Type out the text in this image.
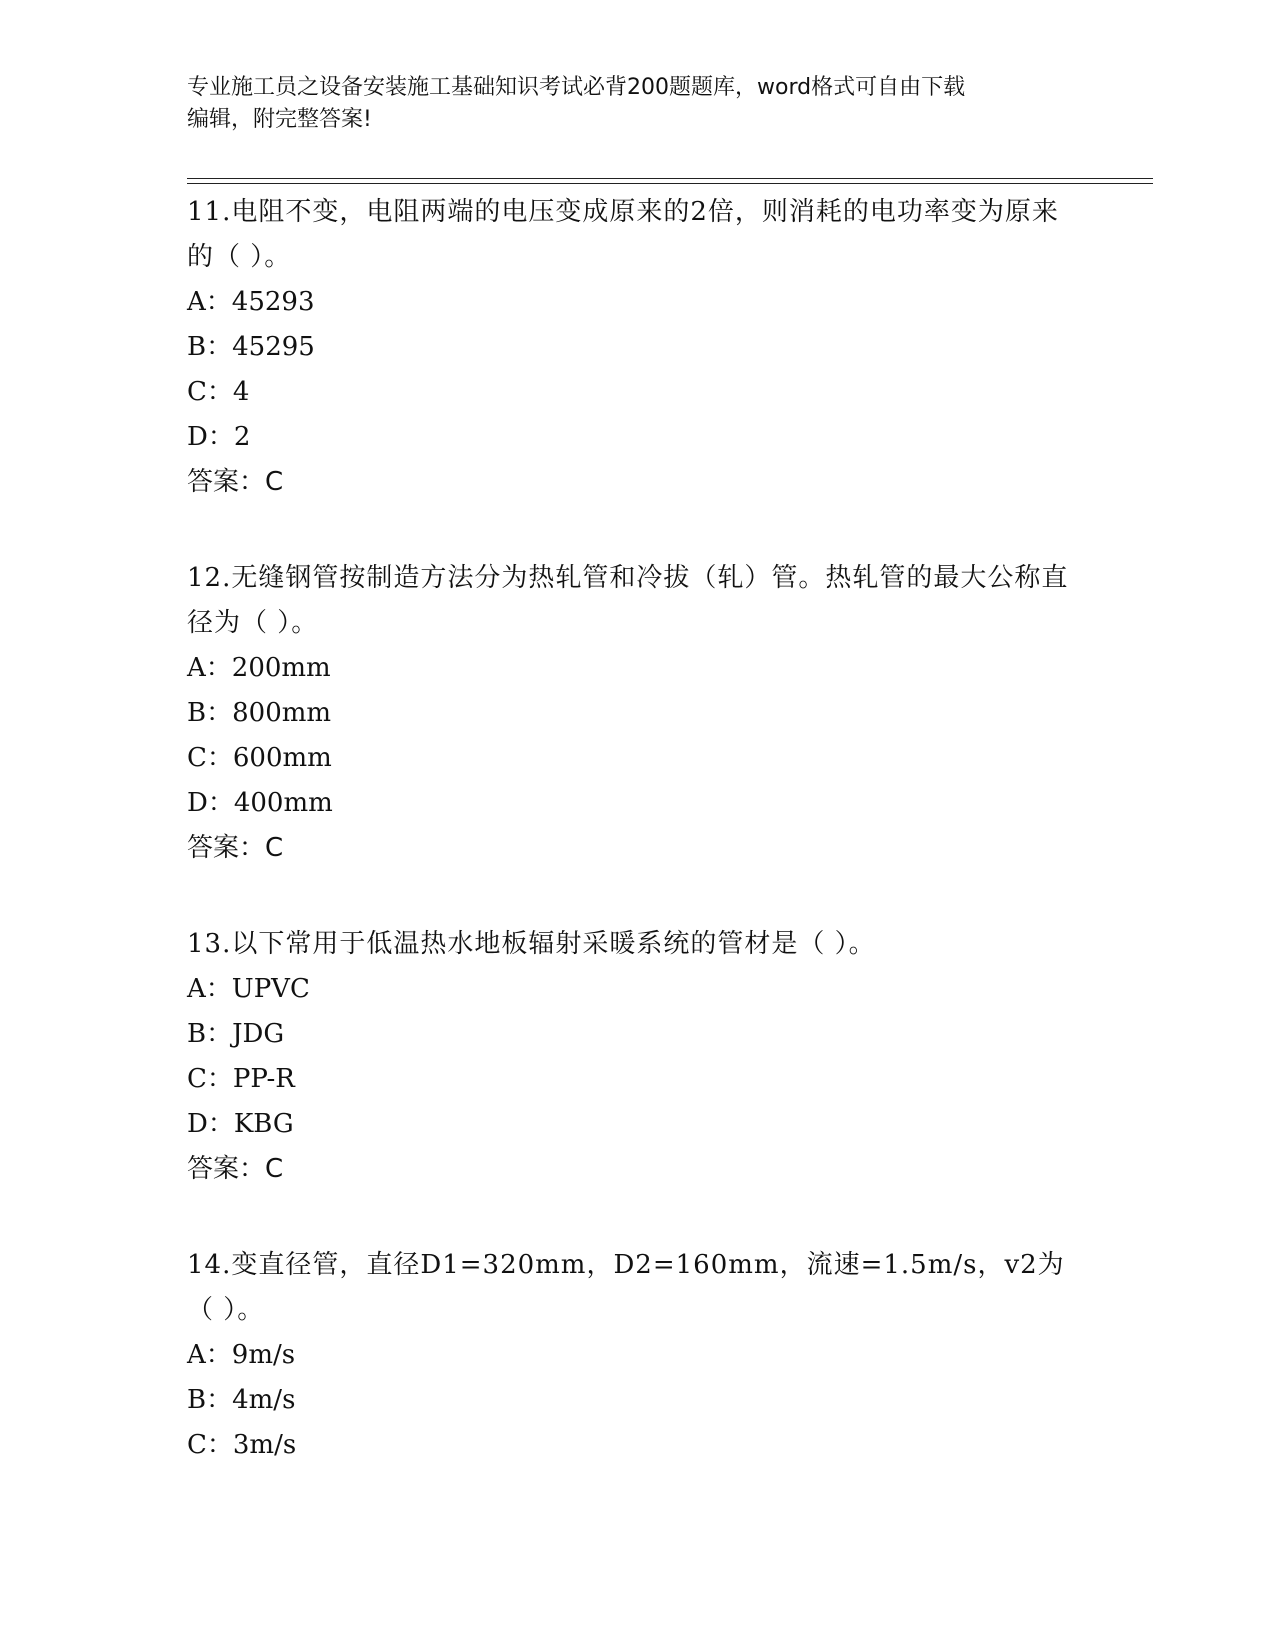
专业施工员之设备安装施工基础知识考试必背200题题库，word格式可自由下载
编辑，附完整答案!

11.电阻不变，电阻两端的电压变成原来的2倍，则消耗的电功率变为原来的（ ）。

A：45293

B：45295

C：4

D：2

答案：C

12.无缝钢管按制造方法分为热轧管和冷拔（轧）管。热轧管的最大公称直径为（ ）。

A：200mm

B：800mm

C：600mm

D：400mm

答案：C

13.以下常用于低温热水地板辐射采暖系统的管材是（ ）。

A：UPVC

B：JDG

C：PP-R

D：KBG

答案：C

14.变直径管，直径D1=320mm，D2=160mm，流速=1.5m/s，v2为（ ）。

A：9m/s

B：4m/s

C：3m/s
